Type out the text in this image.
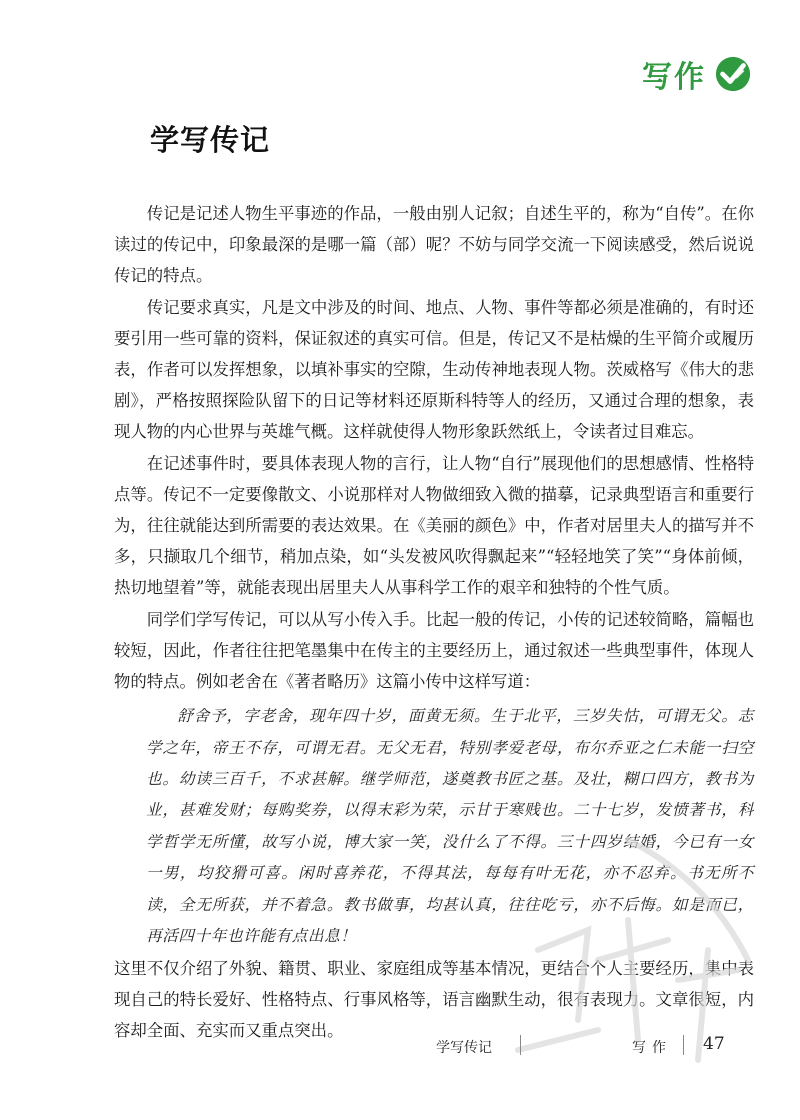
写作
学写传记

传记是记述人物生平事迹的作品，一般由别人记叙；自述生平的，称为“自传”。在你读过的传记中，印象最深的是哪一篇（部）呢？不妨与同学交流一下阅读感受，然后说说传记的特点。

传记要求真实，凡是文中涉及的时间、地点、人物、事件等都必须是准确的，有时还要引用一些可靠的资料，保证叙述的真实可信。但是，传记又不是枯燥的生平简介或履历表，作者可以发挥想象，以填补事实的空隙，生动传神地表现人物。茨威格写《伟大的悲剧》，严格按照探险队留下的日记等材料还原斯科特等人的经历，又通过合理的想象，表现人物的内心世界与英雄气概。这样就使得人物形象跃然纸上，令读者过目难忘。

在记述事件时，要具体表现人物的言行，让人物“自行”展现他们的思想感情、性格特点等。传记不一定要像散文、小说那样对人物做细致入微的描摹，记录典型语言和重要行为，往往就能达到所需要的表达效果。在《美丽的颜色》中，作者对居里夫人的描写并不多，只撷取几个细节，稍加点染，如“头发被风吹得飘起来”“轻轻地笑了笑”“身体前倾，热切地望着”等，就能表现出居里夫人从事科学工作的艰辛和独特的个性气质。

同学们学写传记，可以从写小传入手。比起一般的传记，小传的记述较简略，篇幅也较短，因此，作者往往把笔墨集中在传主的主要经历上，通过叙述一些典型事件，体现人物的特点。例如老舍在《著者略历》这篇小传中这样写道：

舒舍予，字老舍，现年四十岁，面黄无须。生于北平，三岁失怙，可谓无父。志学之年，帝王不存，可谓无君。无父无君，特别孝爱老母，布尔乔亚之仁未能一扫空也。幼读三百千，不求甚解。继学师范，遂奠教书匠之基。及壮，糊口四方，教书为业，甚难发财；每购奖券，以得末彩为荣，示甘于寒贱也。二十七岁，发愤著书，科学哲学无所懂，故写小说，博大家一笑，没什么了不得。三十四岁结婚，今已有一女一男，均狡猾可喜。闲时喜养花，不得其法，每每有叶无花，亦不忍弃。书无所不读，全无所获，并不着急。教书做事，均甚认真，往往吃亏，亦不后悔。如是而已，再活四十年也许能有点出息！

这里不仅介绍了外貌、籍贯、职业、家庭组成等基本情况，更结合个人主要经历，集中表现自己的特长爱好、性格特点、行事风格等，语言幽默生动，很有表现力。文章很短，内容却全面、充实而又重点突出。

学写传记	写作 47
